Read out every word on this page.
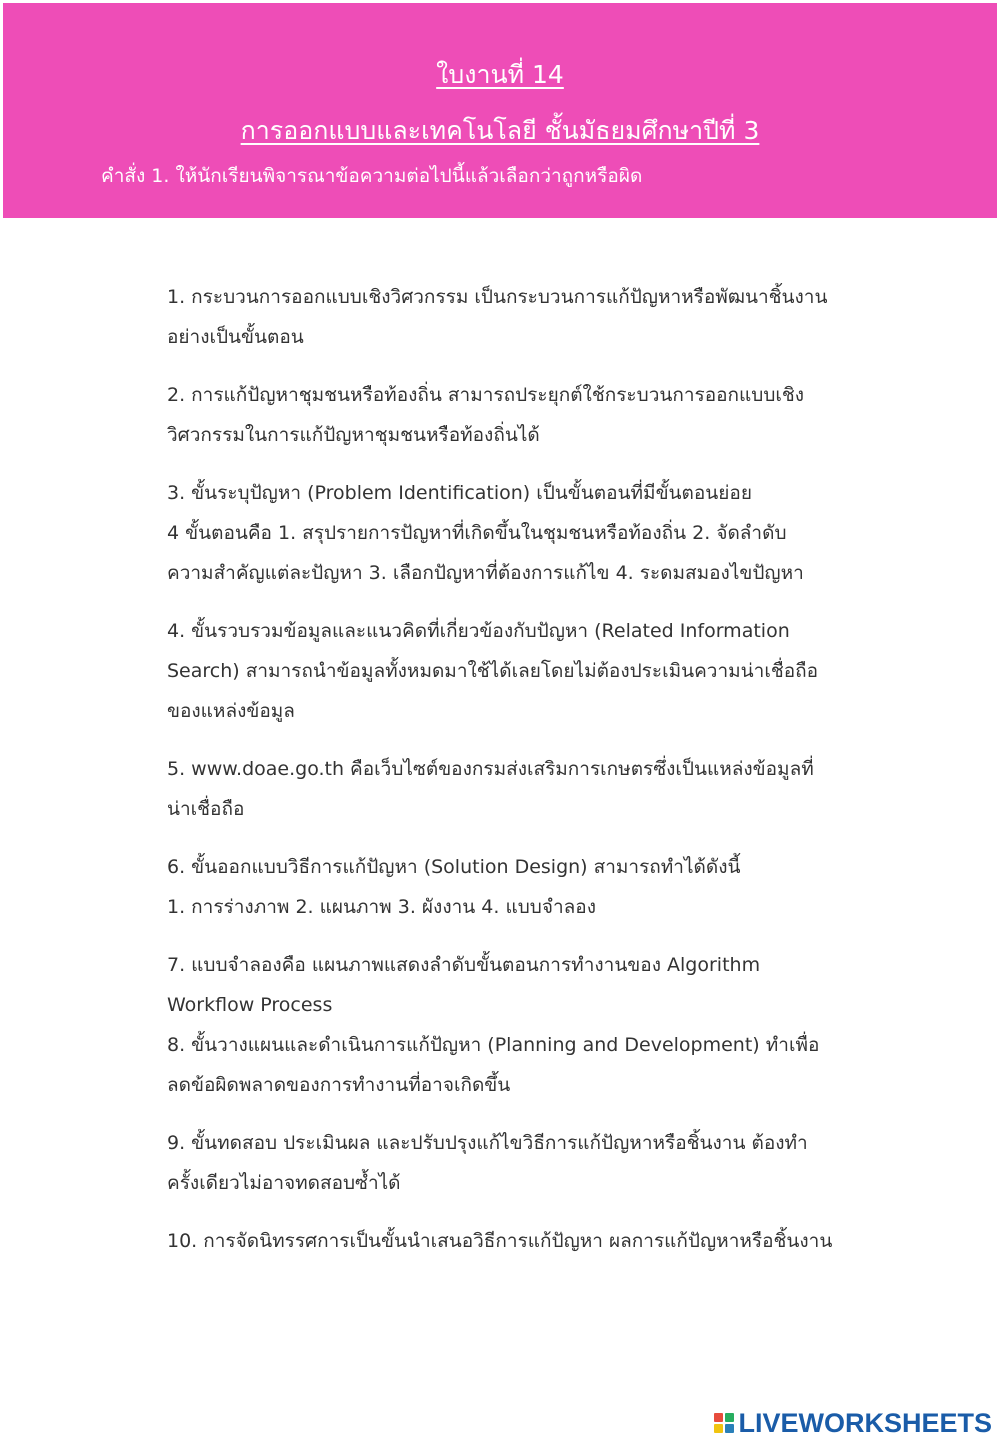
ใบงานที่ 14
การออกแบบและเทคโนโลยี ชั้นมัธยมศึกษาปีที่ 3
คำสั่ง 1. ให้นักเรียนพิจารณาข้อความต่อไปนี้แล้วเลือกว่าถูกหรือผิด
1. กระบวนการออกแบบเชิงวิศวกรรม เป็นกระบวนการแก้ปัญหาหรือพัฒนาชิ้นงาน
อย่างเป็นขั้นตอน
2. การแก้ปัญหาชุมชนหรือท้องถิ่น สามารถประยุกต์ใช้กระบวนการออกแบบเชิง
วิศวกรรมในการแก้ปัญหาชุมชนหรือท้องถิ่นได้
3. ขั้นระบุปัญหา (Problem Identification) เป็นขั้นตอนที่มีขั้นตอนย่อย
4 ขั้นตอนคือ 1. สรุปรายการปัญหาที่เกิดขึ้นในชุมชนหรือท้องถิ่น 2. จัดลำดับ
ความสำคัญแต่ละปัญหา 3. เลือกปัญหาที่ต้องการแก้ไข 4. ระดมสมองไขปัญหา
4. ขั้นรวบรวมข้อมูลและแนวคิดที่เกี่ยวข้องกับปัญหา (Related Information
Search) สามารถนำข้อมูลทั้งหมดมาใช้ได้เลยโดยไม่ต้องประเมินความน่าเชื่อถือ
ของแหล่งข้อมูล
5. www.doae.go.th คือเว็บไซต์ของกรมส่งเสริมการเกษตรซึ่งเป็นแหล่งข้อมูลที่
น่าเชื่อถือ
6. ขั้นออกแบบวิธีการแก้ปัญหา (Solution Design) สามารถทำได้ดังนี้
1. การร่างภาพ 2. แผนภาพ 3. ผังงาน 4. แบบจำลอง
7. แบบจำลองคือ แผนภาพแสดงลำดับขั้นตอนการทำงานของ Algorithm
Workflow Process
8. ขั้นวางแผนและดำเนินการแก้ปัญหา (Planning and Development) ทำเพื่อ
ลดข้อผิดพลาดของการทำงานที่อาจเกิดขึ้น
9. ขั้นทดสอบ ประเมินผล และปรับปรุงแก้ไขวิธีการแก้ปัญหาหรือชิ้นงาน ต้องทำ
ครั้งเดียวไม่อาจทดสอบซ้ำได้
10. การจัดนิทรรศการเป็นขั้นนำเสนอวิธีการแก้ปัญหา ผลการแก้ปัญหาหรือชิ้นงาน
LIVEWORKSHEETS
